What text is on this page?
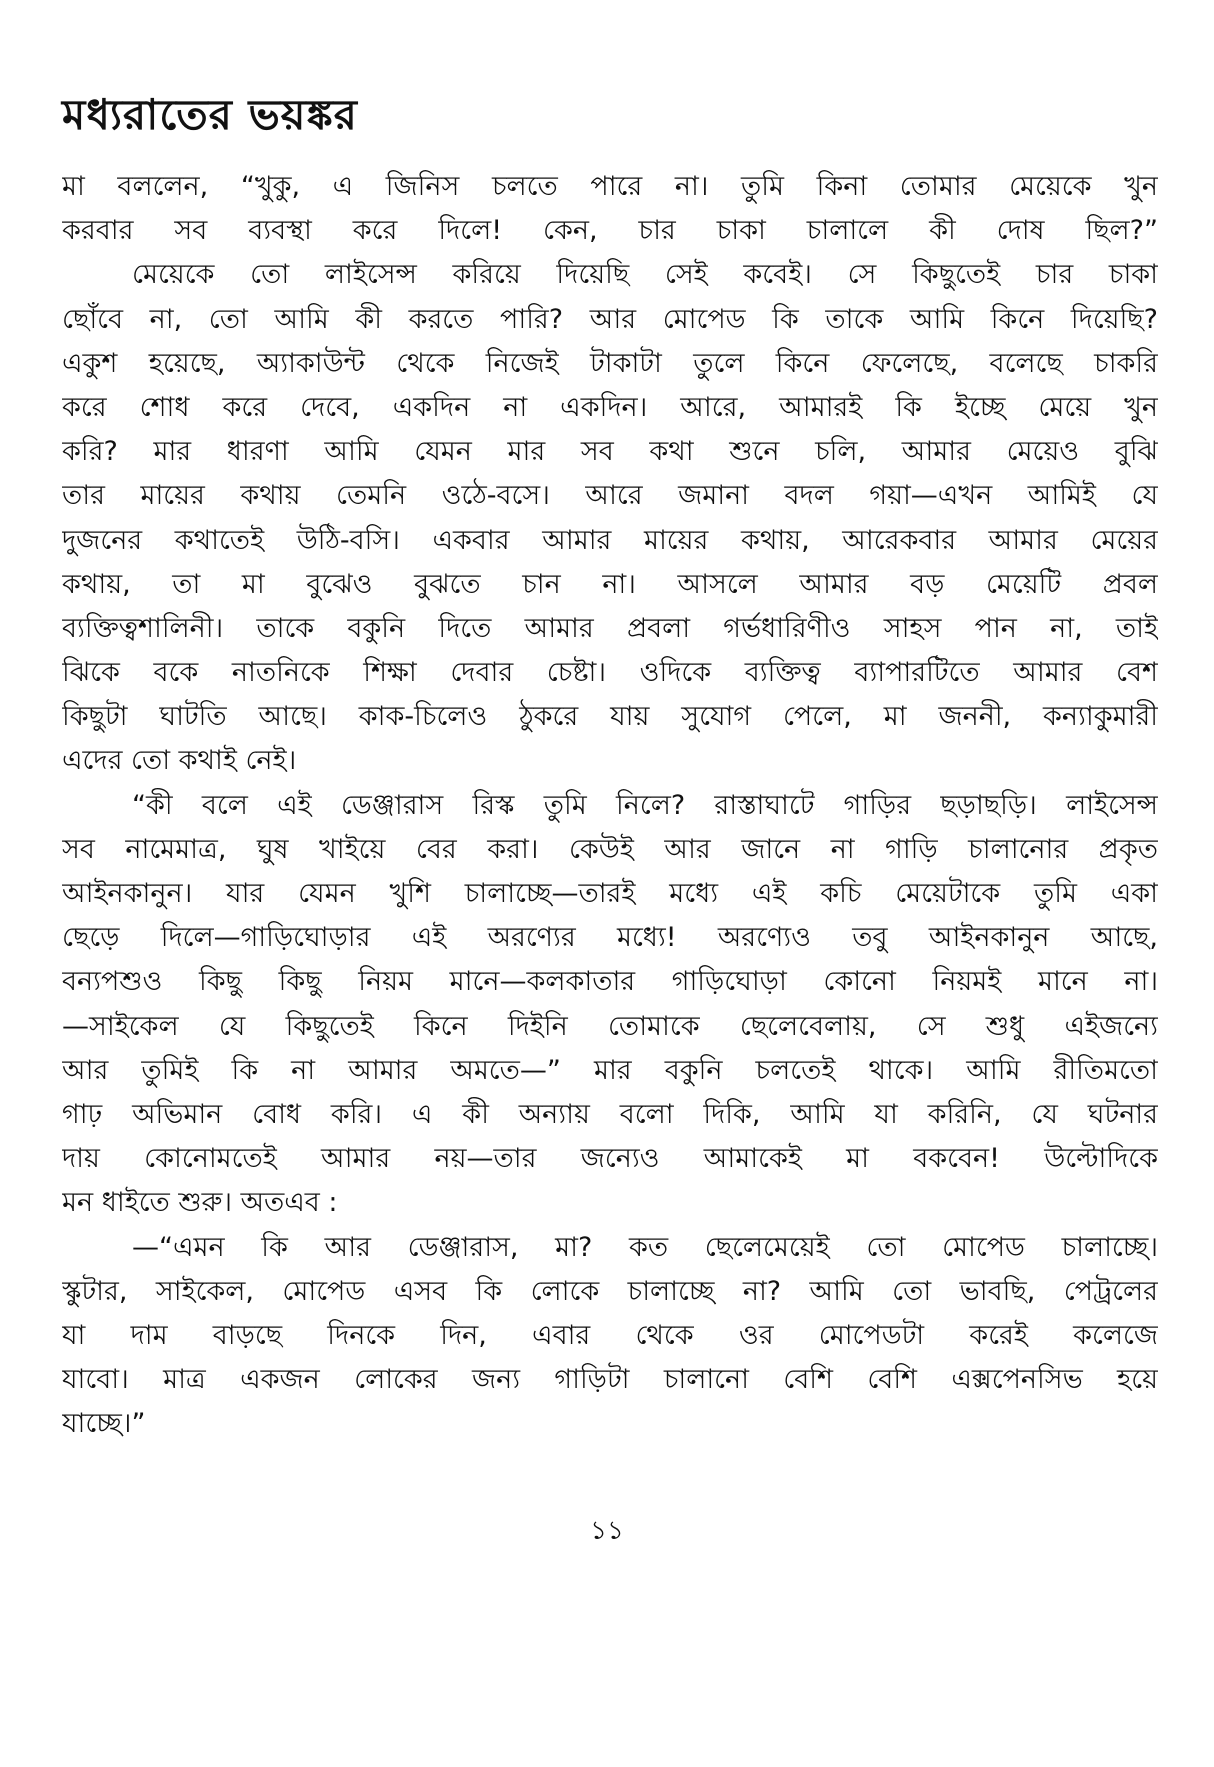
মধ্যরাতের ভয়ঙ্কর
মা বললেন, “খুকু, এ জিনিস চলতে পারে না। তুমি কিনা তোমার মেয়েকে খুন
করবার সব ব্যবস্থা করে দিলে! কেন, চার চাকা চালালে কী দোষ ছিল?”
মেয়েকে তো লাইসেন্স করিয়ে দিয়েছি সেই কবেই। সে কিছুতেই চার চাকা
ছোঁবে না, তো আমি কী করতে পারি? আর মোপেড কি তাকে আমি কিনে দিয়েছি?
একুশ হয়েছে, অ্যাকাউন্ট থেকে নিজেই টাকাটা তুলে কিনে ফেলেছে, বলেছে চাকরি
করে শোধ করে দেবে, একদিন না একদিন। আরে, আমারই কি ইচ্ছে মেয়ে খুন
করি? মার ধারণা আমি যেমন মার সব কথা শুনে চলি, আমার মেয়েও বুঝি
তার মায়ের কথায় তেমনি ওঠে-বসে। আরে জমানা বদল গয়া—এখন আমিই যে
দুজনের কথাতেই উঠি-বসি। একবার আমার মায়ের কথায়, আরেকবার আমার মেয়ের
কথায়, তা মা বুঝেও বুঝতে চান না। আসলে আমার বড় মেয়েটি প্রবল
ব্যক্তিত্বশালিনী। তাকে বকুনি দিতে আমার প্রবলা গর্ভধারিণীও সাহস পান না, তাই
ঝিকে বকে নাতনিকে শিক্ষা দেবার চেষ্টা। ওদিকে ব্যক্তিত্ব ব্যাপারটিতে আমার বেশ
কিছুটা ঘাটতি আছে। কাক-চিলেও ঠুকরে যায় সুযোগ পেলে, মা জননী, কন্যাকুমারী
এদের তো কথাই নেই।
“কী বলে এই ডেঞ্জারাস রিস্ক তুমি নিলে? রাস্তাঘাটে গাড়ির ছড়াছড়ি। লাইসেন্স
সব নামেমাত্র, ঘুষ খাইয়ে বের করা। কেউই আর জানে না গাড়ি চালানোর প্রকৃত
আইনকানুন। যার যেমন খুশি চালাচ্ছে—তারই মধ্যে এই কচি মেয়েটাকে তুমি একা
ছেড়ে দিলে—গাড়িঘোড়ার এই অরণ্যের মধ্যে! অরণ্যেও তবু আইনকানুন আছে,
বন্যপশুও কিছু কিছু নিয়ম মানে—কলকাতার গাড়িঘোড়া কোনো নিয়মই মানে না।
—সাইকেল যে কিছুতেই কিনে দিইনি তোমাকে ছেলেবেলায়, সে শুধু এইজন্যে
আর তুমিই কি না আমার অমতে—” মার বকুনি চলতেই থাকে। আমি রীতিমতো
গাঢ় অভিমান বোধ করি। এ কী অন্যায় বলো দিকি, আমি যা করিনি, যে ঘটনার
দায় কোনোমতেই আমার নয়—তার জন্যেও আমাকেই মা বকবেন! উল্টোদিকে
মন ধাইতে শুরু। অতএব :
—“এমন কি আর ডেঞ্জারাস, মা? কত ছেলেমেয়েই তো মোপেড চালাচ্ছে।
স্কুটার, সাইকেল, মোপেড এসব কি লোকে চালাচ্ছে না? আমি তো ভাবছি, পেট্রলের
যা দাম বাড়ছে দিনকে দিন, এবার থেকে ওর মোপেডটা করেই কলেজে
যাবো। মাত্র একজন লোকের জন্য গাড়িটা চালানো বেশি বেশি এক্সপেনসিভ হয়ে
যাচ্ছে।”
১১
